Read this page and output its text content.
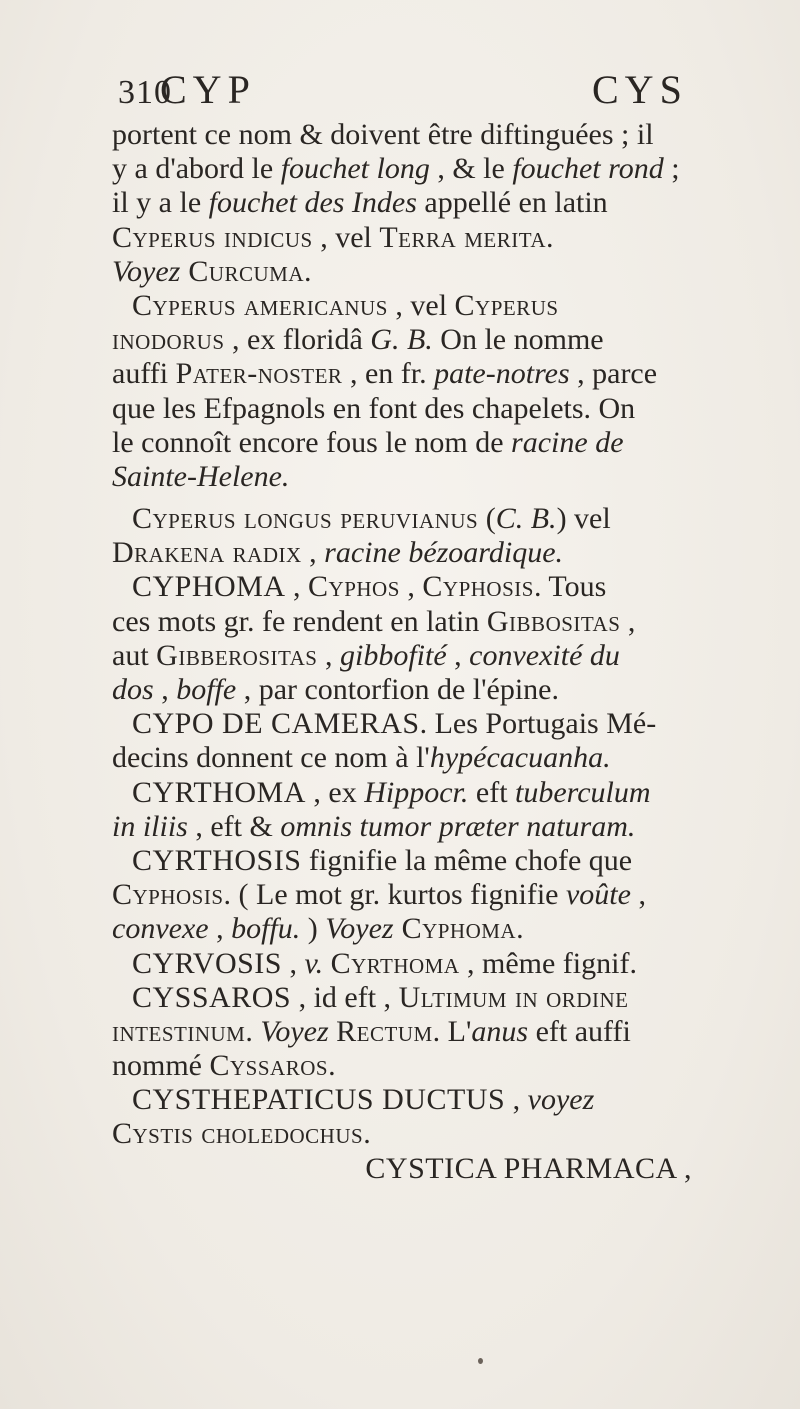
310
CYP	CYS
portent ce nom & doivent être diftinguées ; il
y a d'abord le fouchet long , & le fouchet rond ;
il y a le fouchet des Indes appellé en latin
Cyperus indicus , vel Terra merita.
Voyez Curcuma.
Cyperus americanus , vel Cyperus
inodorus , ex floridâ G. B. On le nomme
auffi Pater-noster , en fr. pate-notres , parce
que les Efpagnols en font des chapelets. On
le connoît encore fous le nom de racine de
Sainte-Helene.
Cyperus longus peruvianus (C. B.) vel
Drakena radix , racine bézoardique.
CYPHOMA , Cyphos , Cyphosis. Tous
ces mots gr. fe rendent en latin Gibbositas ,
aut Gibberositas , gibbofité , convexité du
dos , boffe , par contorfion de l'épine.
CYPO DE CAMERAS. Les Portugais Mé-
decins donnent ce nom à l'hypécacuanha.
CYRTHOMA , ex Hippocr. eft tuberculum
in iliis , eft & omnis tumor præter naturam.
CYRTHOSIS fignifie la même chofe que
Cyphosis. ( Le mot gr. kurtos fignifie voûte ,
convexe , boffu. ) Voyez Cyphoma.
CYRVOSIS , v. Cyrthoma , même fignif.
CYSSAROS , id eft , Ultimum in ordine
intestinum. Voyez Rectum. L'anus eft auffi
nommé Cyssaros.
CYSTHEPATICUS DUCTUS , voyez
Cystis choledochus.
CYSTICA PHARMACA ,
